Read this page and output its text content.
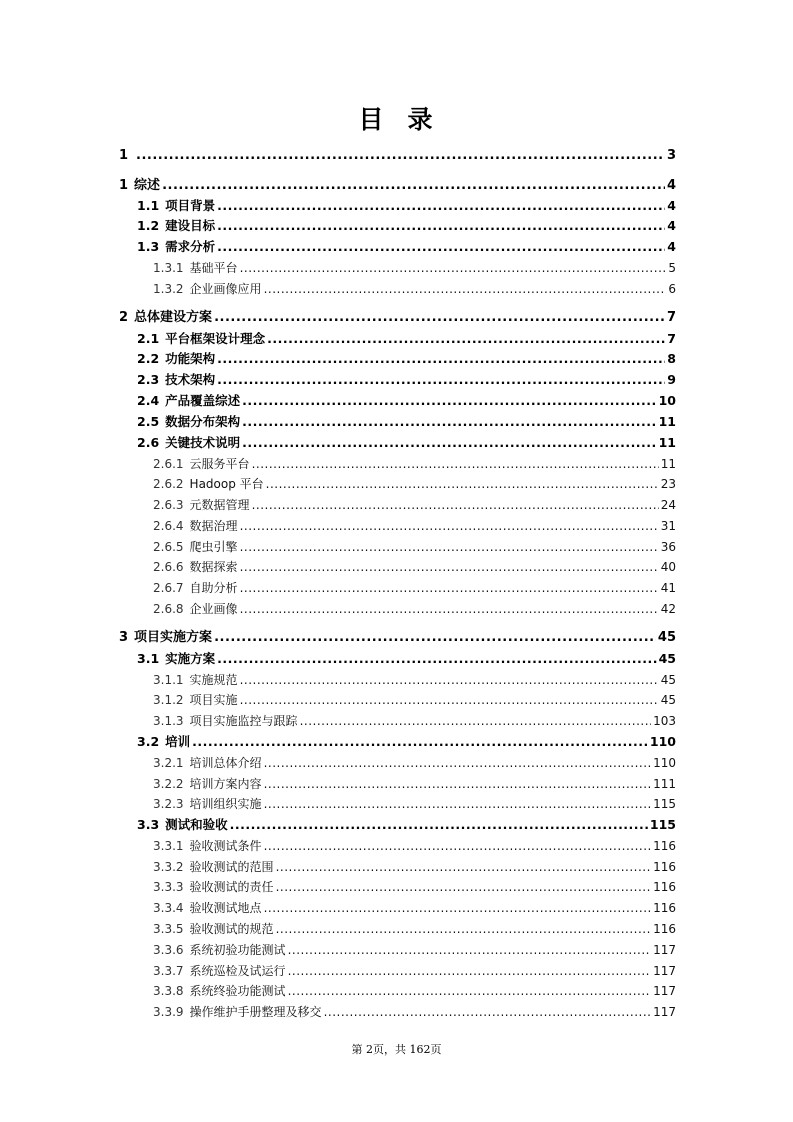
目 录
1 .....	3
1 综述 .....	4
1.1 项目背景 .....	4
1.2 建设目标 .....	4
1.3 需求分析 .....	4
1.3.1 基础平台 .....	5
1.3.2 企业画像应用 .....	6
2 总体建设方案 .....	7
2.1 平台框架设计理念 .....	7
2.2 功能架构 .....	8
2.3 技术架构 .....	9
2.4 产品覆盖综述 .....	10
2.5 数据分布架构 .....	11
2.6 关键技术说明 .....	11
2.6.1 云服务平台 .....	11
2.6.2 Hadoop 平台 .....	23
2.6.3 元数据管理 .....	24
2.6.4 数据治理 .....	31
2.6.5 爬虫引擎 .....	36
2.6.6 数据探索 .....	40
2.6.7 自助分析 .....	41
2.6.8 企业画像 .....	42
3 项目实施方案 .....	45
3.1 实施方案 .....	45
3.1.1 实施规范 .....	45
3.1.2 项目实施 .....	45
3.1.3 项目实施监控与跟踪 .....	103
3.2 培训 .....	110
3.2.1 培训总体介绍 .....	110
3.2.2 培训方案内容 .....	111
3.2.3 培训组织实施 .....	115
3.3 测试和验收 .....	115
3.3.1 验收测试条件 .....	116
3.3.2 验收测试的范围 .....	116
3.3.3 验收测试的责任 .....	116
3.3.4 验收测试地点 .....	116
3.3.5 验收测试的规范 .....	116
3.3.6 系统初验功能测试 .....	117
3.3.7 系统巡检及试运行 .....	117
3.3.8 系统终验功能测试 .....	117
3.3.9 操作维护手册整理及移交 .....	117
第 2页，共 162页
